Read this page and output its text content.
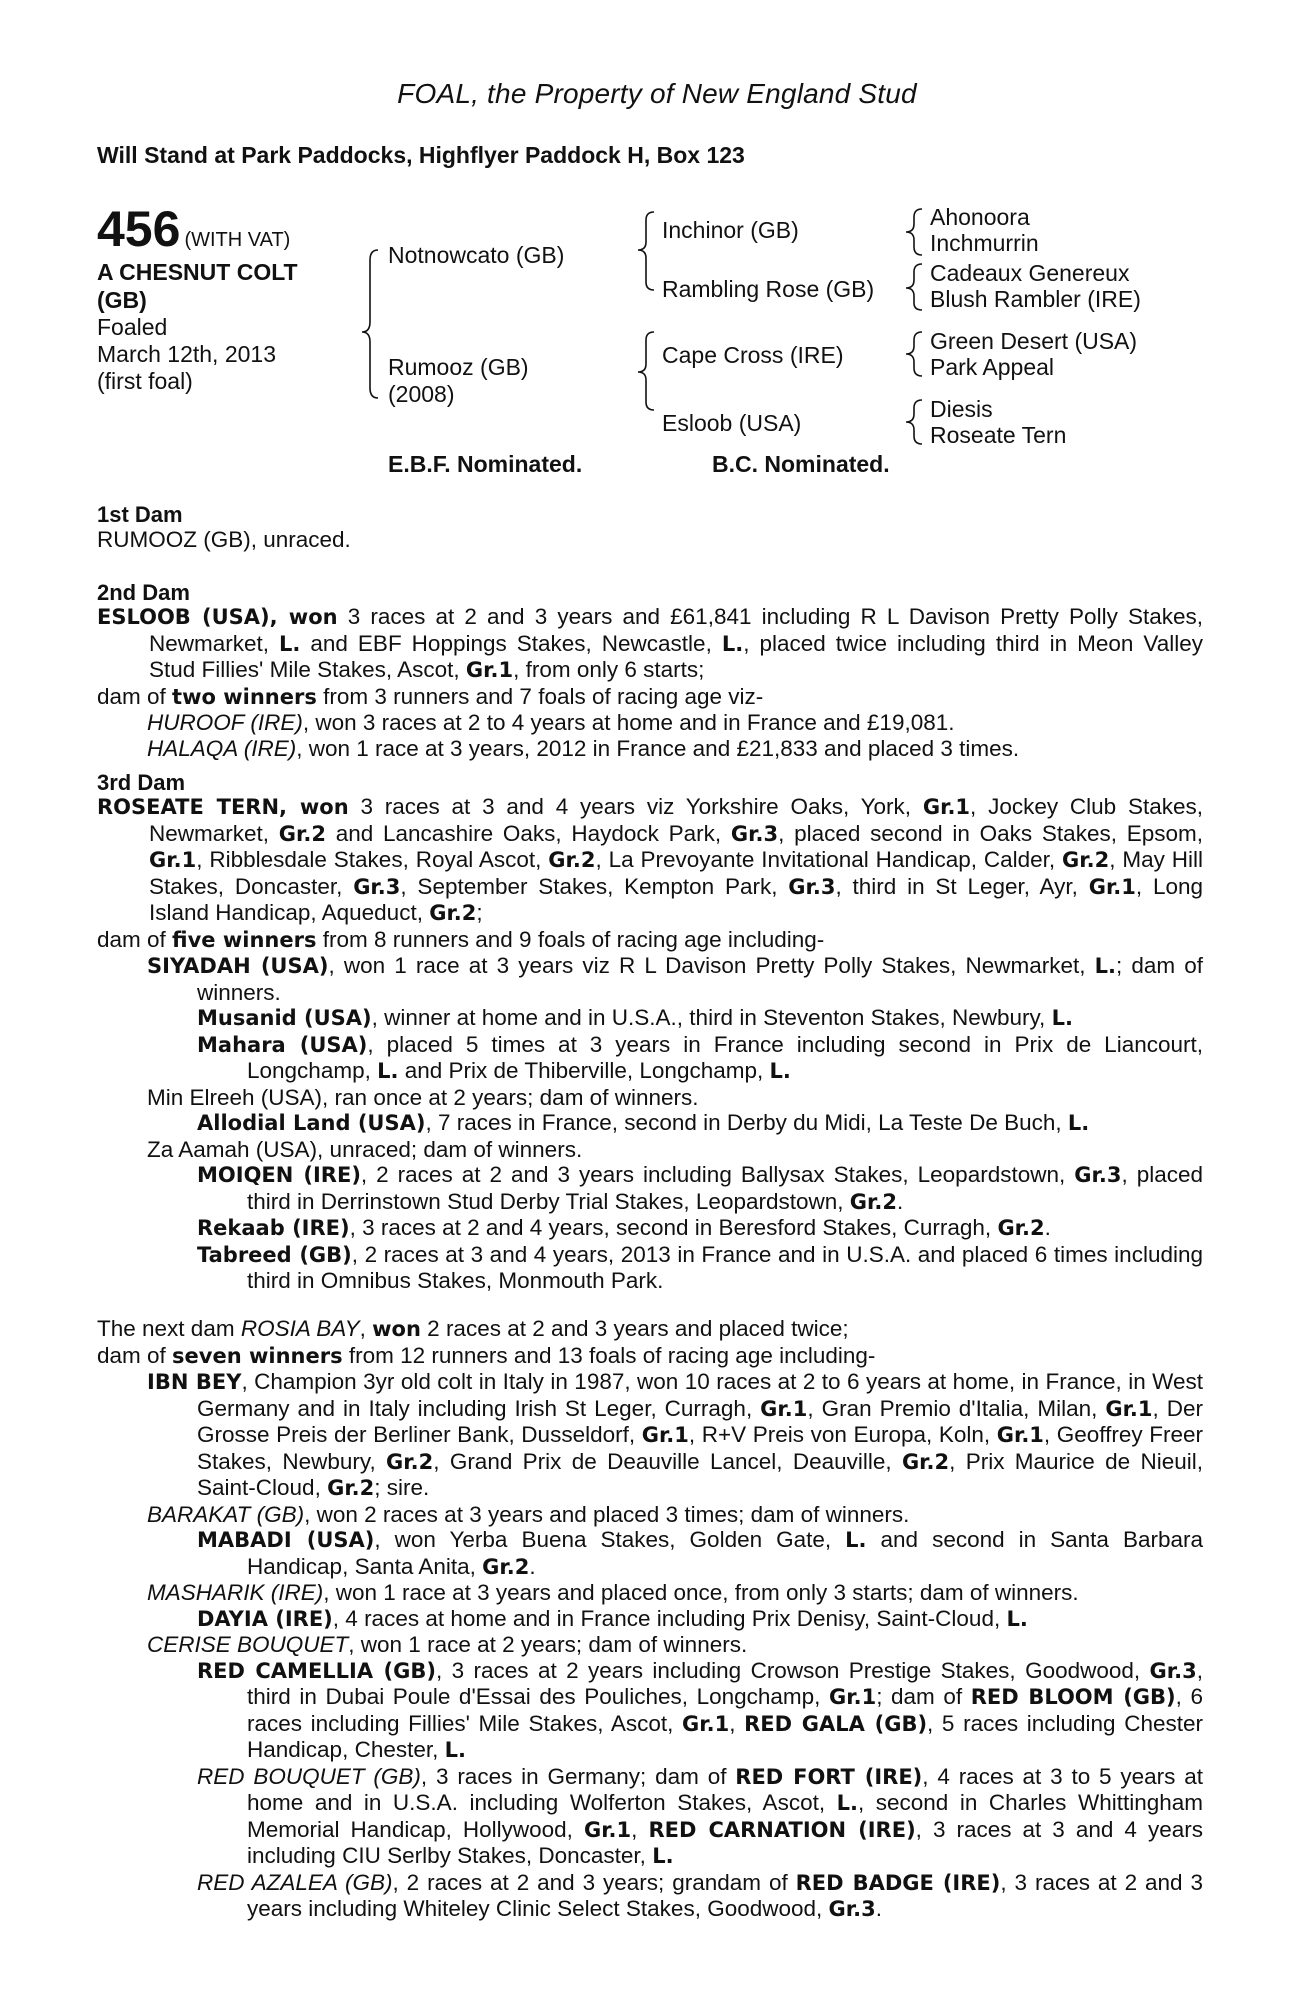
FOAL, the Property of New England Stud
Will Stand at Park Paddocks, Highflyer Paddock H, Box 123
456 (WITH VAT)
A CHESNUT COLT
(GB)
Foaled
March 12th, 2013
(first foal)
Notnowcato (GB)
Rumooz (GB)
(2008)
Inchinor (GB)
Rambling Rose (GB)
Cape Cross (IRE)
Esloob (USA)
Ahonoora
Inchmurrin
Cadeaux Genereux
Blush Rambler (IRE)
Green Desert (USA)
Park Appeal
Diesis
Roseate Tern
E.B.F. Nominated.	B.C. Nominated.
1st Dam

RUMOOZ (GB), unraced.

2nd Dam

ESLOOB (USA), won 3 races at 2 and 3 years and £61,841 including R L Davison Pretty Polly Stakes, Newmarket, L. and EBF Hoppings Stakes, Newcastle, L., placed twice including third in Meon Valley Stud Fillies' Mile Stakes, Ascot, Gr.1, from only 6 starts;

dam of two winners from 3 runners and 7 foals of racing age viz-

HUROOF (IRE), won 3 races at 2 to 4 years at home and in France and £19,081.

HALAQA (IRE), won 1 race at 3 years, 2012 in France and £21,833 and placed 3 times.

3rd Dam

ROSEATE TERN, won 3 races at 3 and 4 years viz Yorkshire Oaks, York, Gr.1, Jockey Club Stakes, Newmarket, Gr.2 and Lancashire Oaks, Haydock Park, Gr.3, placed second in Oaks Stakes, Epsom, Gr.1, Ribblesdale Stakes, Royal Ascot, Gr.2, La Prevoyante Invitational Handicap, Calder, Gr.2, May Hill Stakes, Doncaster, Gr.3, September Stakes, Kempton Park, Gr.3, third in St Leger, Ayr, Gr.1, Long Island Handicap, Aqueduct, Gr.2;

dam of five winners from 8 runners and 9 foals of racing age including-

SIYADAH (USA), won 1 race at 3 years viz R L Davison Pretty Polly Stakes, Newmarket, L.; dam of winners.

Musanid (USA), winner at home and in U.S.A., third in Steventon Stakes, Newbury, L.

Mahara (USA), placed 5 times at 3 years in France including second in Prix de Liancourt, Longchamp, L. and Prix de Thiberville, Longchamp, L.

Min Elreeh (USA), ran once at 2 years; dam of winners.

Allodial Land (USA), 7 races in France, second in Derby du Midi, La Teste De Buch, L.

Za Aamah (USA), unraced; dam of winners.

MOIQEN (IRE), 2 races at 2 and 3 years including Ballysax Stakes, Leopardstown, Gr.3, placed third in Derrinstown Stud Derby Trial Stakes, Leopardstown, Gr.2.

Rekaab (IRE), 3 races at 2 and 4 years, second in Beresford Stakes, Curragh, Gr.2.

Tabreed (GB), 2 races at 3 and 4 years, 2013 in France and in U.S.A. and placed 6 times including third in Omnibus Stakes, Monmouth Park.

The next dam ROSIA BAY, won 2 races at 2 and 3 years and placed twice;

dam of seven winners from 12 runners and 13 foals of racing age including-

IBN BEY, Champion 3yr old colt in Italy in 1987, won 10 races at 2 to 6 years at home, in France, in West Germany and in Italy including Irish St Leger, Curragh, Gr.1, Gran Premio d'Italia, Milan, Gr.1, Der Grosse Preis der Berliner Bank, Dusseldorf, Gr.1, R+V Preis von Europa, Koln, Gr.1, Geoffrey Freer Stakes, Newbury, Gr.2, Grand Prix de Deauville Lancel, Deauville, Gr.2, Prix Maurice de Nieuil, Saint-Cloud, Gr.2; sire.

BARAKAT (GB), won 2 races at 3 years and placed 3 times; dam of winners.

MABADI (USA), won Yerba Buena Stakes, Golden Gate, L. and second in Santa Barbara Handicap, Santa Anita, Gr.2.

MASHARIK (IRE), won 1 race at 3 years and placed once, from only 3 starts; dam of winners.

DAYIA (IRE), 4 races at home and in France including Prix Denisy, Saint-Cloud, L.

CERISE BOUQUET, won 1 race at 2 years; dam of winners.

RED CAMELLIA (GB), 3 races at 2 years including Crowson Prestige Stakes, Goodwood, Gr.3, third in Dubai Poule d'Essai des Pouliches, Longchamp, Gr.1; dam of RED BLOOM (GB), 6 races including Fillies' Mile Stakes, Ascot, Gr.1, RED GALA (GB), 5 races including Chester Handicap, Chester, L.

RED BOUQUET (GB), 3 races in Germany; dam of RED FORT (IRE), 4 races at 3 to 5 years at home and in U.S.A. including Wolferton Stakes, Ascot, L., second in Charles Whittingham Memorial Handicap, Hollywood, Gr.1, RED CARNATION (IRE), 3 races at 3 and 4 years including CIU Serlby Stakes, Doncaster, L.

RED AZALEA (GB), 2 races at 2 and 3 years; grandam of RED BADGE (IRE), 3 races at 2 and 3 years including Whiteley Clinic Select Stakes, Goodwood, Gr.3.
